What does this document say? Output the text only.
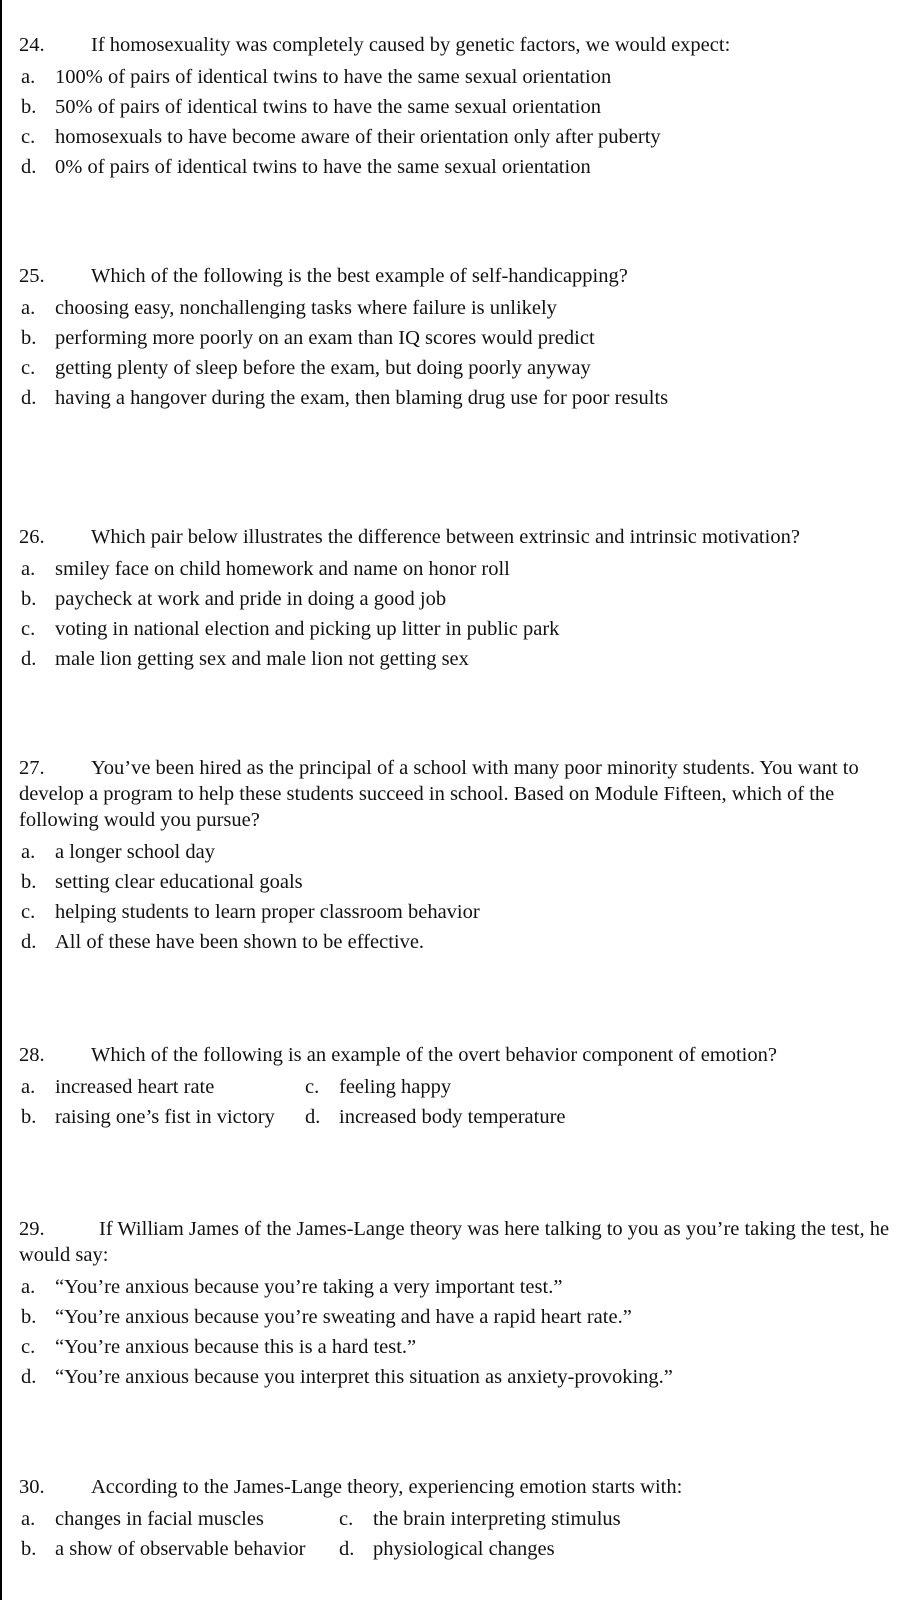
24. If homosexuality was completely caused by genetic factors, we would expect:
a. 100% of pairs of identical twins to have the same sexual orientation
b. 50% of pairs of identical twins to have the same sexual orientation
c. homosexuals to have become aware of their orientation only after puberty
d. 0% of pairs of identical twins to have the same sexual orientation
25. Which of the following is the best example of self-handicapping?
a. choosing easy, nonchallenging tasks where failure is unlikely
b. performing more poorly on an exam than IQ scores would predict
c. getting plenty of sleep before the exam, but doing poorly anyway
d. having a hangover during the exam, then blaming drug use for poor results
26. Which pair below illustrates the difference between extrinsic and intrinsic motivation?
a. smiley face on child homework and name on honor roll
b. paycheck at work and pride in doing a good job
c. voting in national election and picking up litter in public park
d. male lion getting sex and male lion not getting sex
27. You’ve been hired as the principal of a school with many poor minority students. You want to develop a program to help these students succeed in school. Based on Module Fifteen, which of the following would you pursue?
a. a longer school day
b. setting clear educational goals
c. helping students to learn proper classroom behavior
d. All of these have been shown to be effective.
28. Which of the following is an example of the overt behavior component of emotion?
a. increased heart rate	c. feeling happy
b. raising one’s fist in victory d. increased body temperature
29.	If William James of the James-Lange theory was here talking to you as you’re taking the test, he would say:
a. “You’re anxious because you’re taking a very important test.”
b. “You’re anxious because you’re sweating and have a rapid heart rate.”
c. “You’re anxious because this is a hard test.”
d. “You’re anxious because you interpret this situation as anxiety-provoking.”
30. According to the James-Lange theory, experiencing emotion starts with:
a. changes in facial muscles	c. the brain interpreting stimulus
b. a show of observable behavior d. physiological changes
